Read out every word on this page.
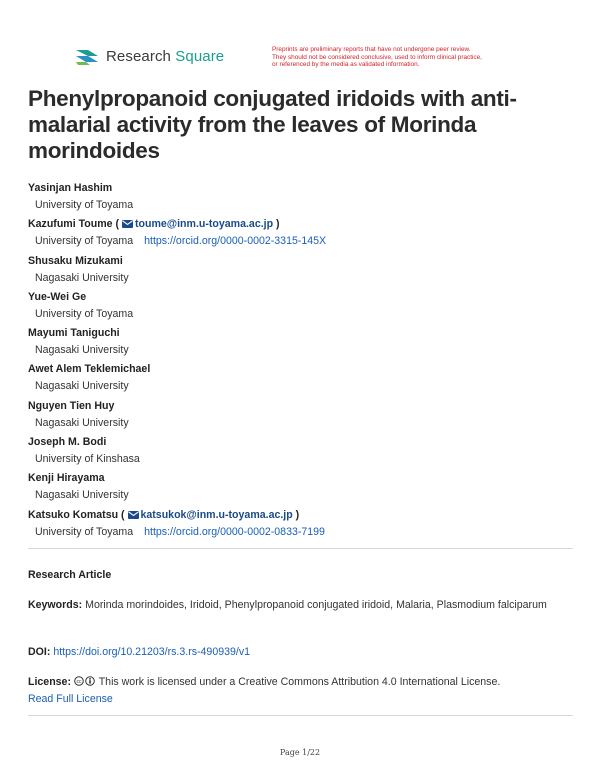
Research Square	Preprints are preliminary reports that have not undergone peer review.
They should not be considered conclusive, used to inform clinical practice,
or referenced by the media as validated information.
Phenylpropanoid conjugated iridoids with anti-malarial activity from the leaves of Morinda morindoides
Yasinjan Hashim
University of Toyama
Kazufumi Toume ( toume@inm.u-toyama.ac.jp )
University of Toyama https://orcid.org/0000-0002-3315-145X
Shusaku Mizukami
Nagasaki University
Yue-Wei Ge
University of Toyama
Mayumi Taniguchi
Nagasaki University
Awet Alem Teklemichael
Nagasaki University
Nguyen Tien Huy
Nagasaki University
Joseph M. Bodi
University of Kinshasa
Kenji Hirayama
Nagasaki University
Katsuko Komatsu ( katsukok@inm.u-toyama.ac.jp )
University of Toyama https://orcid.org/0000-0002-0833-7199
Research Article
Keywords: Morinda morindoides, Iridoid, Phenylpropanoid conjugated iridoid, Malaria, Plasmodium falciparum
DOI: https://doi.org/10.21203/rs.3.rs-490939/v1
License: cc This work is licensed under a Creative Commons Attribution 4.0 International License.
Read Full License
Page 1/22
